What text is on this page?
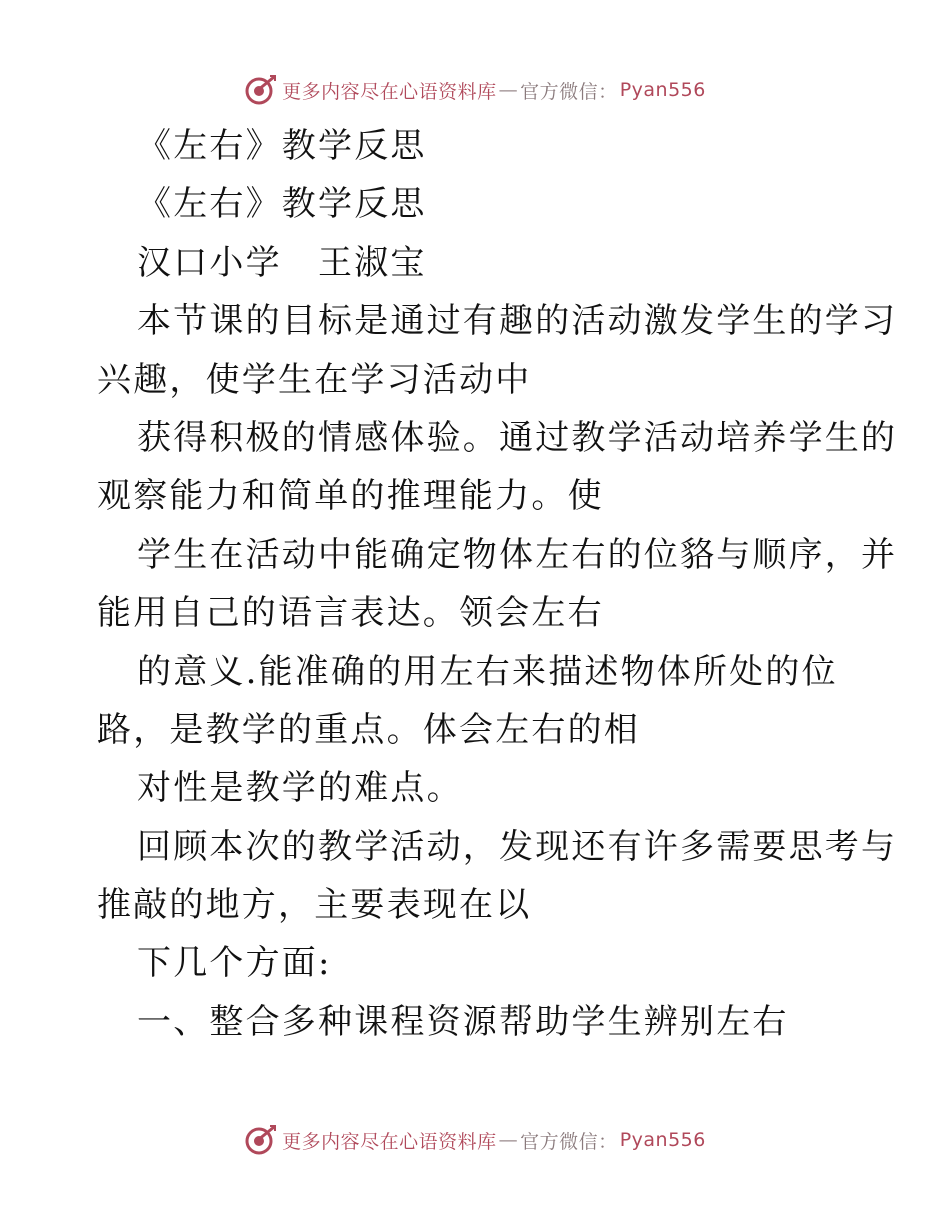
更多内容尽在心语资料库 — 官方微信： Pyan556
《左右》教学反思
《左右》教学反思
汉口小学　王淑宝
本节课的目标是通过有趣的活动激发学生的学习
兴趣，使学生在学习活动中
获得积极的情感体验。通过教学活动培养学生的
观察能力和简单的推理能力。使
学生在活动中能确定物体左右的位貉与顺序，并
能用自己的语言表达。领会左右
的意义.能准确的用左右来描述物体所处的位
路，是教学的重点。体会左右的相
对性是教学的难点。
回顾本次的教学活动，发现还有许多需要思考与
推敲的地方，主要表现在以
下几个方面:
一、整合多种课程资源帮助学生辨别左右
更多内容尽在心语资料库 — 官方微信： Pyan556
